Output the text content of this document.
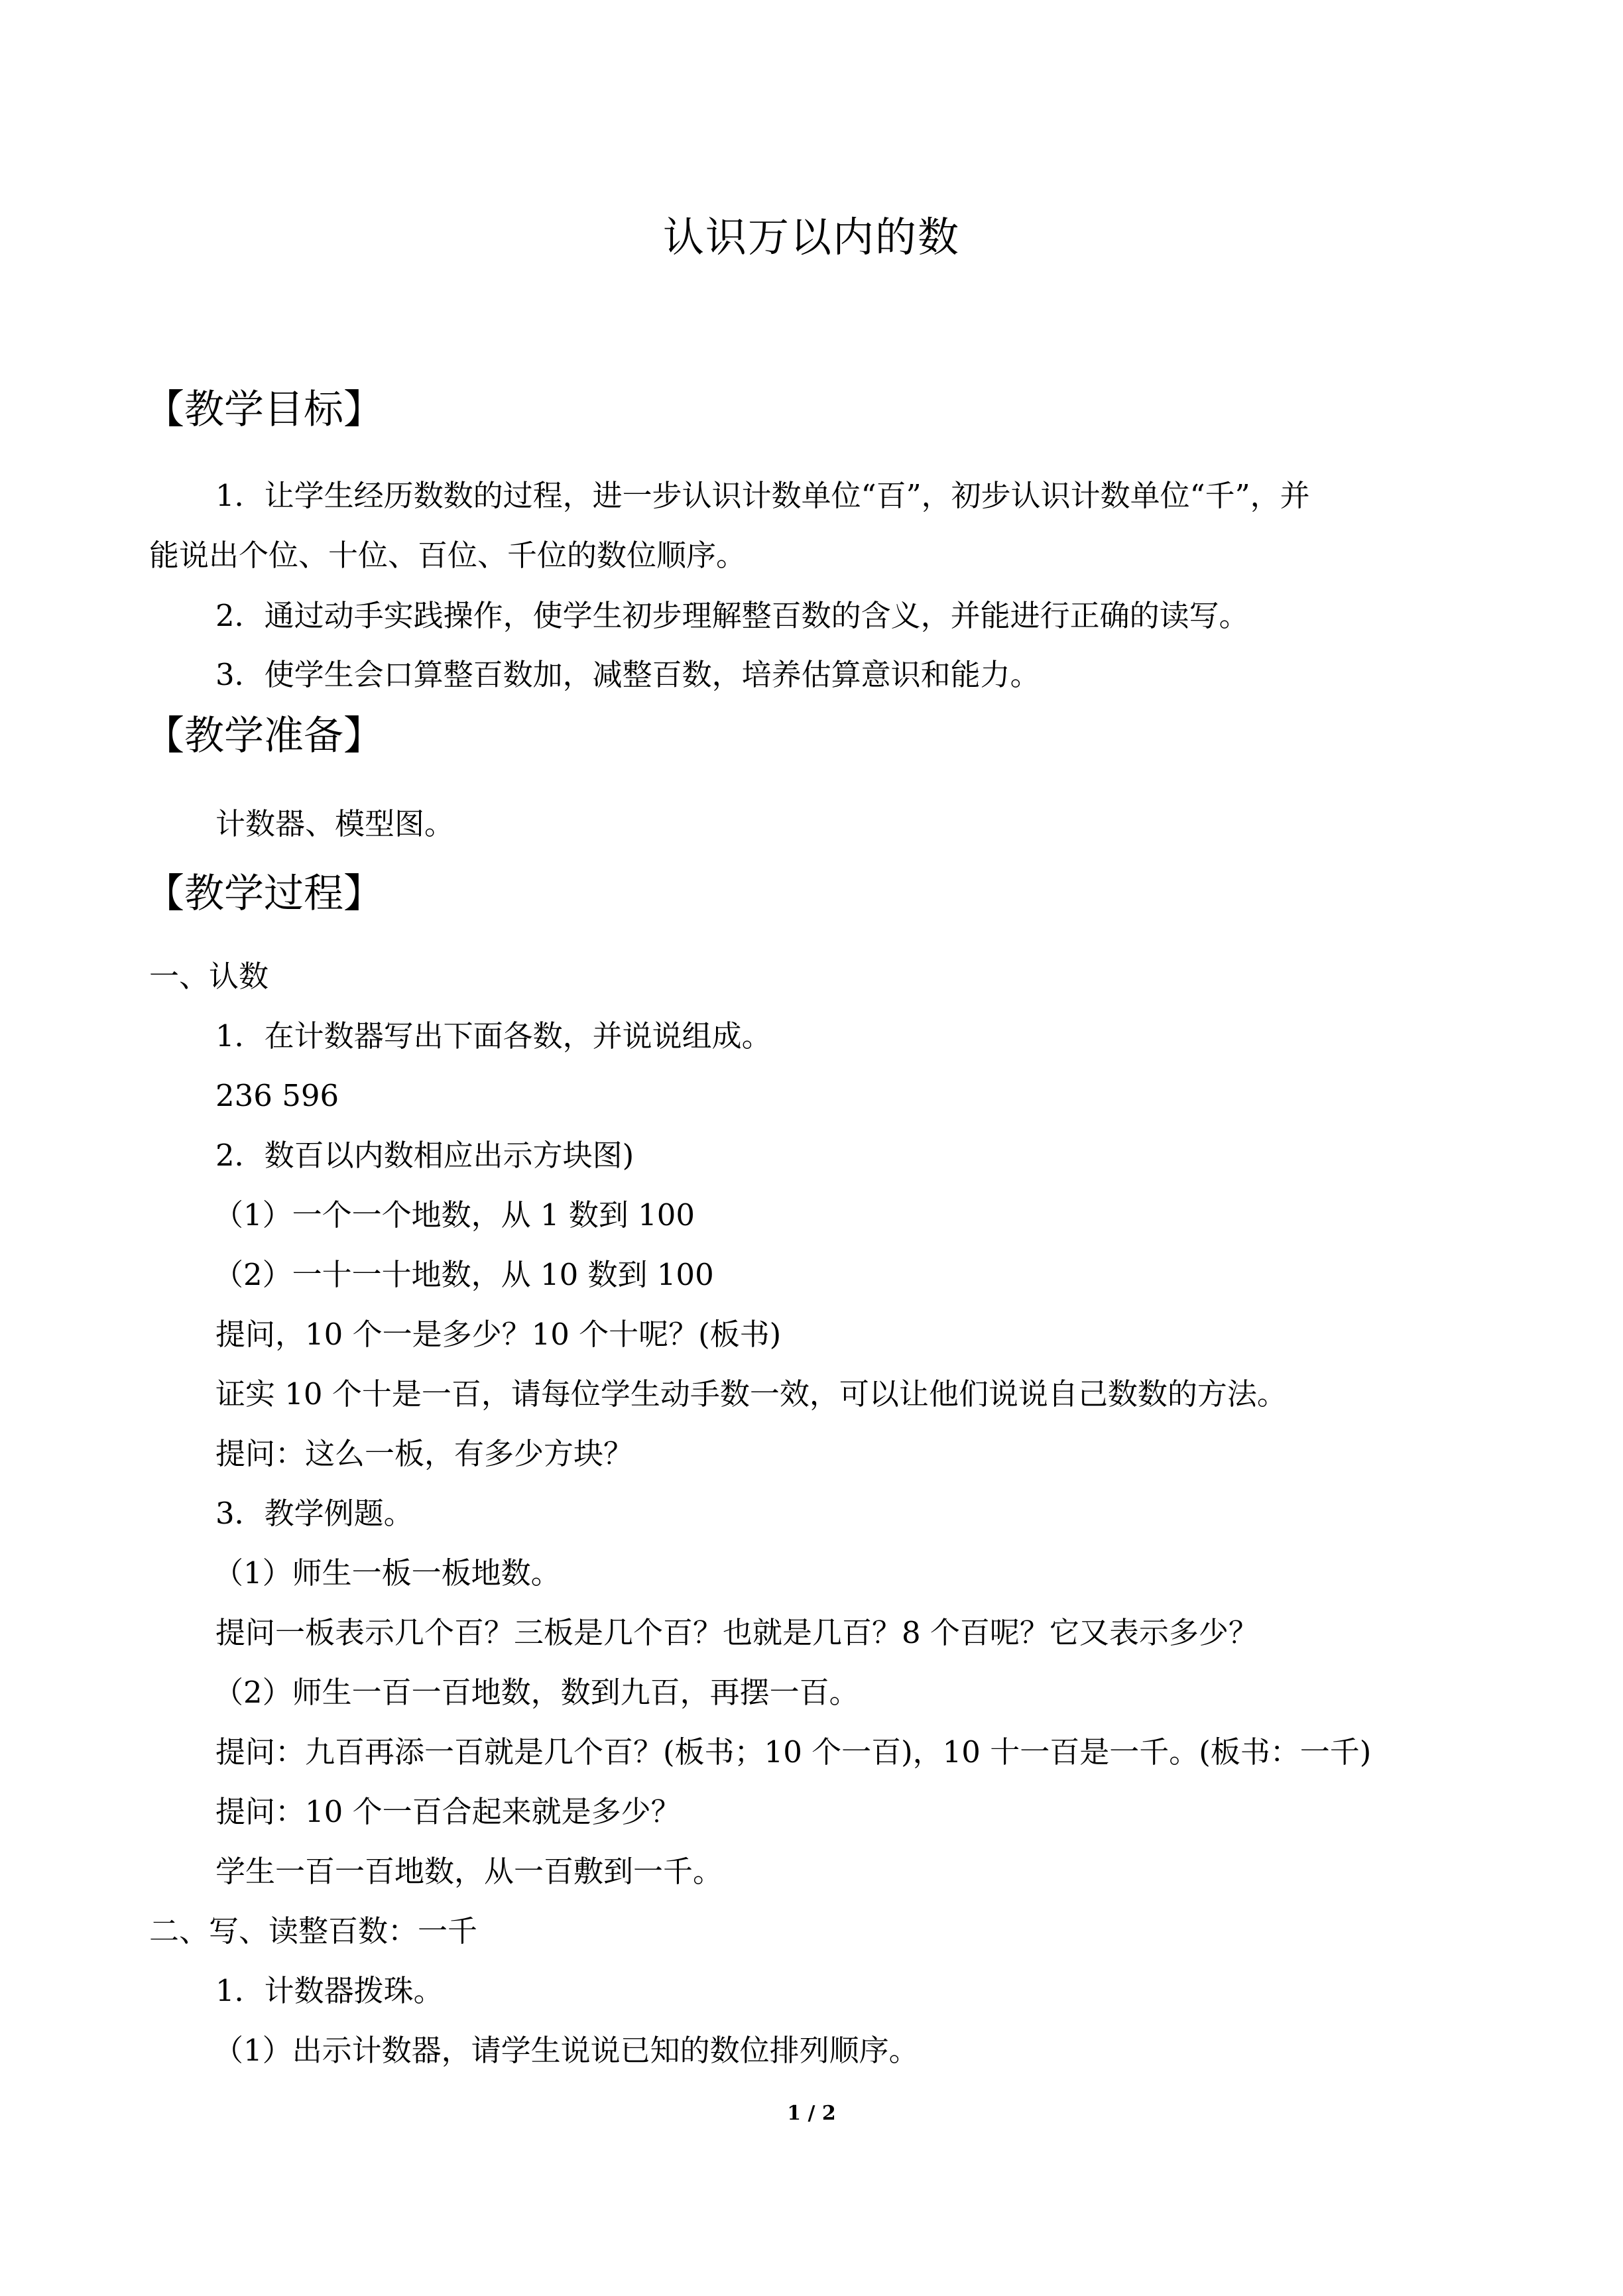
认识万以内的数
【教学目标】
1．让学生经历数数的过程，进一步认识计数单位“百”，初步认识计数单位“千”，并
能说出个位、十位、百位、千位的数位顺序。
2．通过动手实践操作，使学生初步理解整百数的含义，并能进行正确的读写。
3．使学生会口算整百数加，减整百数，培养估算意识和能力。
【教学准备】
计数器、模型图。
【教学过程】
一、认数
1．在计数器写出下面各数，并说说组成。
236 596
2．数百以内数相应出示方块图)
（1）一个一个地数，从 1 数到 100
（2）一十一十地数，从 10 数到 100
提问，10 个一是多少？10 个十呢？(板书)
证实 10 个十是一百，请每位学生动手数一效，可以让他们说说自己数数的方法。
提问：这么一板，有多少方块？
3．教学例题。
（1）师生一板一板地数。
提问一板表示几个百？三板是几个百？也就是几百？8 个百呢？它又表示多少？
（2）师生一百一百地数，数到九百，再摆一百。
提问：九百再添一百就是几个百？(板书；10 个一百)，10 十一百是一千。(板书：一千)
提问：10 个一百合起来就是多少？
学生一百一百地数，从一百敷到一千。
二、写、读整百数：一千
1．计数器拨珠。
（1）出示计数器，请学生说说已知的数位排列顺序。
1 / 2
